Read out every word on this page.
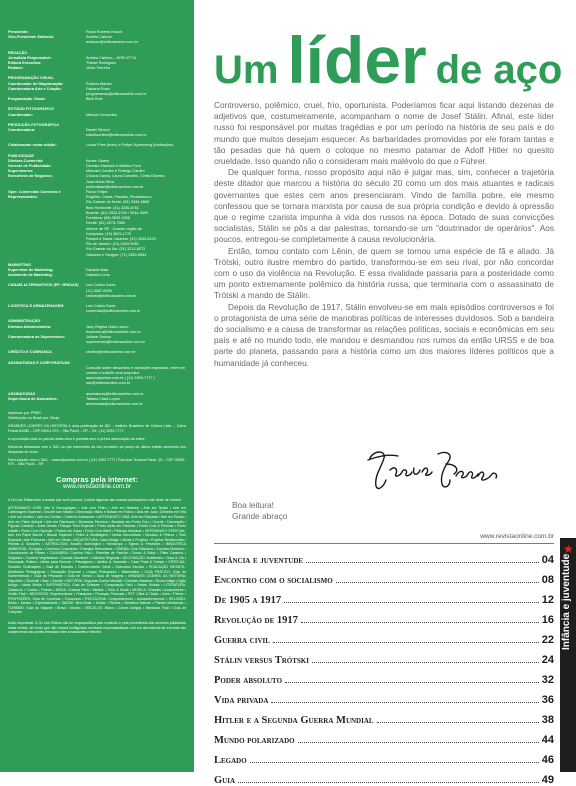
Presidente:	Paulo Roberto Houch
Vice-Presidente Editorial:	Andrea Calmon
redacao@editoraonline.com.br
REDAÇÃO
Jornalista Responsável:	Andrea Calmon – MTB 47714
Editora Executiva:	Thaíse Rodrigues
Redator:	Victor Ferreira
PROGRAMAÇÃO VISUAL
Coordenador de Diagramação:	Rubens Martim
Coordenadora Arte e Criação:	Fabiana Rosa
programacao@editoraonline.com.br
Programação Visual:	Beth Rele
ESTÚDIO FOTOGRÁFICO
Coordenador:	Manuel Cervantes
PRODUÇÃO FOTOGRÁFICA
Coordenadora:	Daniel Simoni
estudioonline@editoraonline.com.br
Colaboraram nesta edição:	Lucas Pires (texto) e Felipe Nyirenberg (ilustrações)
PUBLICIDADE
Diretora Comercial:	Aimee Gaden
Gerente de Publicidade:	Dionisio Mastrolo e Bettina Fonti
Supervisores:	Mariosm Cardim e Rodrigo Cardim
Executivos de Negócios:	Cinoca Garcia, Laura Carvalho, Cintia Oliveira,
Joao Mario Silva
publicidade@editoraonline.com.br
Oper. Comerciais Comercio e Representantes:
Flavio Felipe
Regiões: Ceará, Paraíba, Pernambuco
Rio Grande do Norte: (81) 3344-3665
Belo Horizonte: (31) 3236-8761
Brasília: (61) 3342-3749 / 3244-4599
Fortaleza: (85) 3539-1936
Recife: (81) 3278-7580
Interior de SP - Grande região de
Campinas: (19) 3829-1770
Paraná e Santa Catarina: (41) 3233-8229
Rio de Janeiro: (21) 2484-9080
Rio Grande do Sul: (51) 3212-8072
Salvador e Sergipe: (71) 3359-8984
MARKETING
Supervisor de Marketing:	Daniela Maia
Assistente de Marketing:	Gabriela Lima
CANAIS ALTERNATIVOS (EP. VENDAS)	Luiz Carlos Sarra
(11) 3687-0099
vendas@editoraonline.com.br
LOGÍSTICA E ARMAZENAGEM	Luiz Carlos Sarra
comercial@editoraonline.com.br
ADMINISTRAÇÃO
Diretora Administrativa:	Jany Regina Gallo Lanco
financeiro@editoraonline.com.br
Coordenadora de Suprimentos:	Juliane Santos
suprimentos@editoraonline.com.br
CRÉDITO E COBRANÇA	credito@editoraonline.com.br
ASSINATURAS E CORPORATIVAS
Consulte sobre descontos e condições especiais, entre em contato e solicite uma proposta:
www.lojaonline.com.br | (11) 3393-7777 | sac@editoraonline.com.br
ASSINATURAS	assinaturas@editoraonline.com.br
Supervisora de Assinantes:	Tatiana Clara Lopes
televendas@editoraonline.com.br

Impresso por: PRBS

Distribuição no Brasil por: Dinap

GRANDES LÍDERES DA HISTÓRIA é uma publicação da IBC - Instituto Brasileiro de Cultura Ltda. – Caixa Postal 61085 – CEP 05001-970 – São Paulo – SP – Tel.: (11) 3393-7777.

A reprodução total ou parcial desta obra é proibida sem a prévia autorização do editor.

Números Atrasados com o SAC ou por intermédio do seu jornaleiro ao preço da última edição acrescido dos despesas de envio.

Para adquirir com o SAC – www.lojaonline.com.br | (11) 3393-7777 | Rua Ana Teodora Paulo, 25 – CEP 05001-970 – São Paulo – SP.

Compras pela internet:
www.revistaonline.com.br

A On Line Editora tem a revista que você procura. Confira algumas das nossas publicações e não deixe de conferir.

ARTESANATO LEIRI: Arte & Decoupagem • Arte com Feltro • Arte em Madeira • Arte em Tecido • Arte em Cartonagem Especial • Crochê com Miçalo • Decoração: Mãos e Bolsas em Fuxico • Atos em Juta • Chinelos em Tela • Arte em Acrilico • Arte em Gomas • Caderno Artesanato • ARTESANATO LIMA: Arte em Fantasia • Arte em Pizzas • Arte em Patch Apliqué • Arte em Patchwork • Bordados Técnicos • Bordado em Ponto Cruz • Crochê • Decoração • Figuras Caseiras • Artes Gerais • Parque Tricô Especial • Ponto Atrás em Fantasia • Ponto Cruz & Pinturas • Ponto Infantil • Ponto Cruz Especial • Pontos em Gotas • Ponto Cruz Bebê • Pinturas Artísticas • ARTESANATO ESPECIAL: Arte em Papel Maché • Biscuit Especial • Feltro & Modelagem • Ideias Decorativas • Mosaico & Pintura • Tricô Especial • Arte Francesa • Arte em Vitrais • ARQUITETURA: Casa Design • Ideias & Projetos • Projetos Residenciais • Plantas & Soluções • ASTROLOGIA: Anuário Astrológico • Horóscopo • Signos & Previsões • BIBLIOTECA AMBIENTAL: Ecologia • Consumo Consciente • Energias Renováveis • CINEMA: Cine Clássicos • Grandes Diretores • Colecionador de Filmes • CULINÁRIA: Cozinha Fácil • Receitas de Família • Doces & Bolos • Pães Caseiros • Salgados • Cozinha Vegetariana • Comida Saudável • Culinária Regional • DECORAÇÃO: Ambientes • Casa & Cia • Decoração Prática • Ideias para Decorar • Paisagismo • Jardins & Varandas • Casa Praia & Campo • ESPECIAL: Grandes Civilizações • Guia de Estudos • Conhecimento Geral • Dicionário Escolar • EDUCAÇÃO INFANTIL: Atividades Pedagógicas • Educação Especial • Língua Portuguesa • Matemática • GUIA PRÁTICO: Guia de Sobrevivência • Guia do Pescador • Guia de Vinhos • Guia de Viagens • GRANDES LÍDERES DA HISTÓRIA: Napoleão • Churchill • Mao • Gandhi • HISTÓRIA: Segunda Guerra Mundial • Grandes Batalhas • Roma Antiga • Egito Antigo • Idade Média • INFORMÁTICA: Guia de Software • Computação Fácil • Redes Sociais • LITERATURA: Clássicos • Contos • Poesia • MODA: Costura Fácil • Moldes • Tricô & Moda • MÚSICA: Grandes Compositores • Violão Fácil • NEGÓCIOS: Empreendedor • Franquias • Finanças Pessoais • PET: Cães & Gatos • Aves • Peixes • PROFISSÕES: Guia de Carreiras • Concursos • PSICOLOGIA: Comportamento • Autoconhecimento • RELIGIÃO: Bíblia • Santos • Espiritualidade • SAÚDE: Bem-Estar • Dietas • Fitness • Medicina Natural • Plantas Medicinais • TURISMO: Guia do Viajante • Brasil • Mundo • VEÍCULOS: Motos • Carros Antigos • Mecânica Fácil • Guia de Compras

Aviso Importante: A On Line Editora não se responsabiliza pelo conteúdo e pela procedência dos anúncios publicados nesta revista, de modo que não restará configurada nenhuma responsabilidade civil em decorrência de eventual não cumprimento das partes firmadas entre anunciantes e leitores.
Um líder de aço

Controverso, polêmico, cruel, frio, oportunista. Poderíamos ficar aqui listando dezenas de adjetivos que, costumeiramente, acompanham o nome de Josef Stálin. Afinal, este líder russo foi responsável por muitas tragédias e por um período na história de seu país e do mundo que muitos desejam esquecer. As barbaridades promovidas por ele foram tantas e tão pesadas que há quem o coloque no mesmo patamar de Adolf Hitler no quesito crueldade. Isso quando não o consideram mais malévolo do que o Führer.

De qualquer forma, nosso propósito aqui não é julgar mas, sim, conhecer a trajetória deste ditador que marcou a história do século 20 como um dos mais atuantes e radicais governantes que estes cem anos presenciaram. Vindo de família pobre, ele mesmo confessou que se tornara marxista por causa de sua própria condição e devido à opressão que o regime czarista impunha à vida dos russos na época. Dotado de suas convicções socialistas, Stálin se pôs a dar palestras, tornando-se um "doutrinador de operários". Aos poucos, entregou-se completamente à causa revolucionária.

Então, tomou contato com Lênin, de quem se tornou uma espécie de fã e aliado. Já Trótski, outro ilustre membro do partido, transformou-se em seu rival, por não concordar com o uso da violência na Revolução. E essa rivalidade passaria para a posteridade como um ponto extremamente polêmico da história russa, que terminaria com o assassinato de Trótski a mando de Stálin.

Depois da Revolução de 1917, Stálin envolveu-se em mais episódios controversos e foi o protagonista de uma série de manobras políticas de interesses duvidosos. Sob a bandeira do socialismo e a causa de transformar as relações políticas, sociais e econômicas em seu país e até no mundo todo, ele mandou e desmandou nos rumos da então URSS e de boa parte do planeta, passando para a história como um dos maiores líderes políticos que a humanidade já conheceu.

Boa leitura!
Grande abraço
www.revistaonline.com.br
Infância e juventude	04
Encontro com o socialismo	08
De 1905 a 1917	12
Revolução de 1917	16
Guerra civil	22
Stálin versus Trótski	24
Poder absoluto	32
Vida privada	36
Hitler e a Segunda Guerra Mundial	38
Mundo polarizado	44
Legado	46
Guia	49
★
Infância e juventude
